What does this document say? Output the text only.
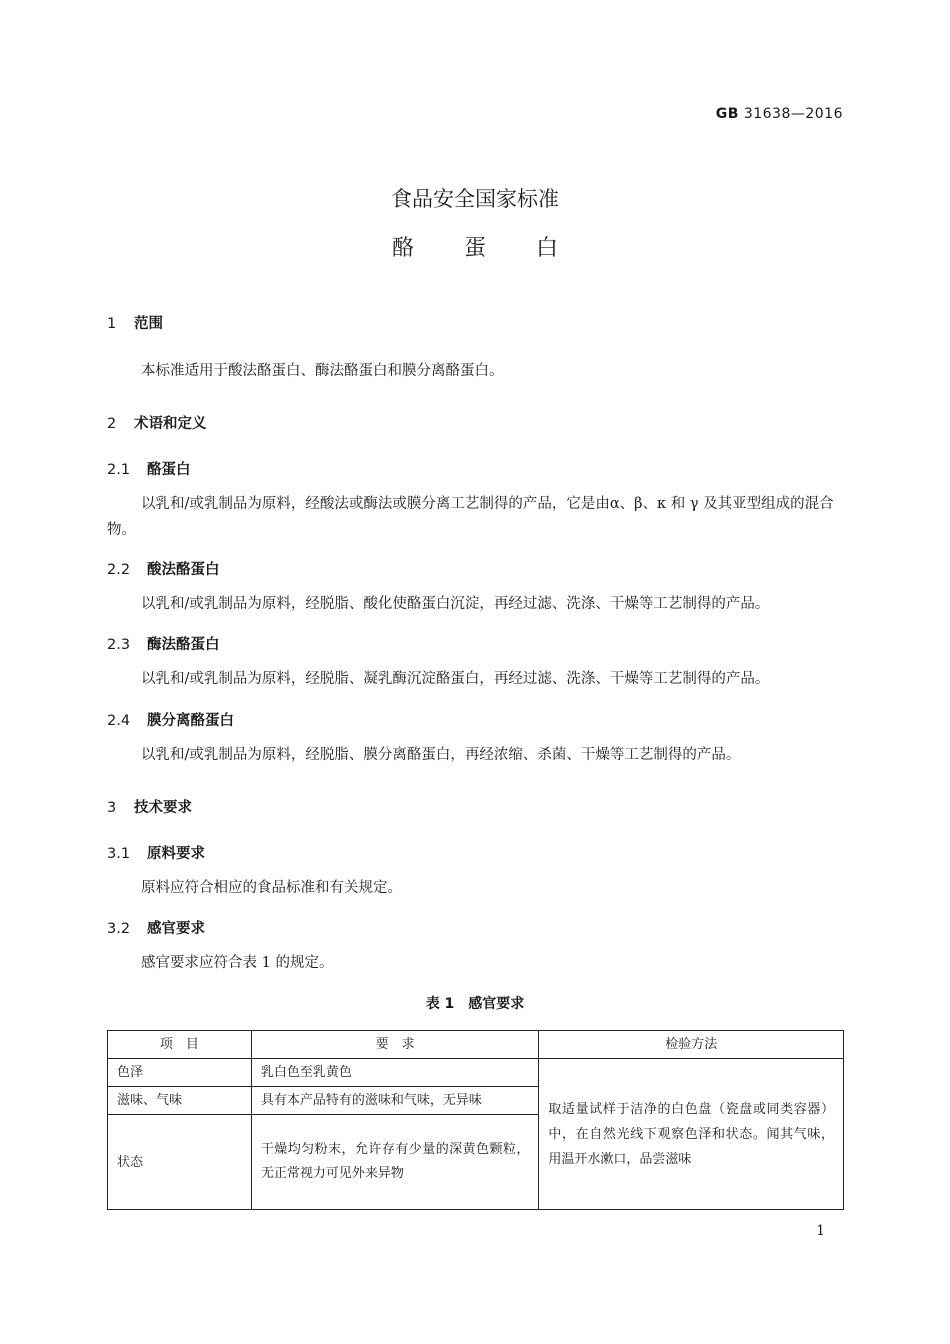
GB 31638—2016
食品安全国家标准
酪蛋白
1 范围
本标准适用于酸法酪蛋白、酶法酪蛋白和膜分离酪蛋白。
2 术语和定义
2.1 酪蛋白
以乳和/或乳制品为原料，经酸法或酶法或膜分离工艺制得的产品，它是由α、β、κ 和 γ 及其亚型组成的混合物。
2.2 酸法酪蛋白
以乳和/或乳制品为原料，经脱脂、酸化使酪蛋白沉淀，再经过滤、洗涤、干燥等工艺制得的产品。
2.3 酶法酪蛋白
以乳和/或乳制品为原料，经脱脂、凝乳酶沉淀酪蛋白，再经过滤、洗涤、干燥等工艺制得的产品。
2.4 膜分离酪蛋白
以乳和/或乳制品为原料，经脱脂、膜分离酪蛋白，再经浓缩、杀菌、干燥等工艺制得的产品。
3 技术要求
3.1 原料要求
原料应符合相应的食品标准和有关规定。
3.2 感官要求
感官要求应符合表 1 的规定。
表 1　感官要求
项　目	要　求	检验方法
色泽	乳白色至乳黄色	取适量试样于洁净的白色盘（瓷盘或同类容器）中，在自然光线下观察色泽和状态。闻其气味，用温开水漱口，品尝滋味
滋味、气味	具有本产品特有的滋味和气味，无异味	
状态	干燥均匀粉末，允许存有少量的深黄色颗粒，无正常视力可见外来异物	
1
